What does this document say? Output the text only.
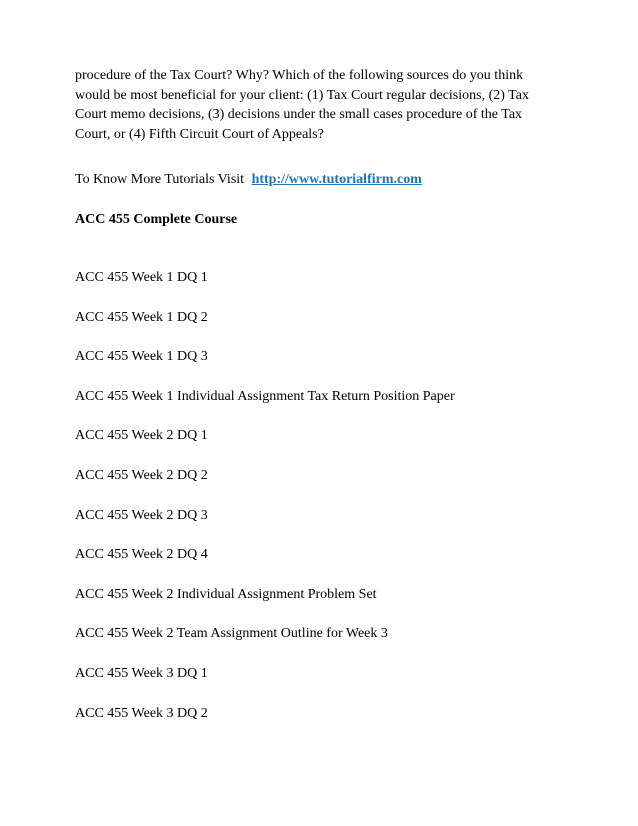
procedure of the Tax Court? Why? Which of the following sources do you think
would be most beneficial for your client: (1) Tax Court regular decisions, (2) Tax
Court memo decisions, (3) decisions under the small cases procedure of the Tax
Court, or (4) Fifth Circuit Court of Appeals?

To Know More Tutorials Visit http://www.tutorialfirm.com

ACC 455 Complete Course

ACC 455 Week 1 DQ 1
ACC 455 Week 1 DQ 2
ACC 455 Week 1 DQ 3
ACC 455 Week 1 Individual Assignment Tax Return Position Paper
ACC 455 Week 2 DQ 1
ACC 455 Week 2 DQ 2
ACC 455 Week 2 DQ 3
ACC 455 Week 2 DQ 4
ACC 455 Week 2 Individual Assignment Problem Set
ACC 455 Week 2 Team Assignment Outline for Week 3
ACC 455 Week 3 DQ 1
ACC 455 Week 3 DQ 2
